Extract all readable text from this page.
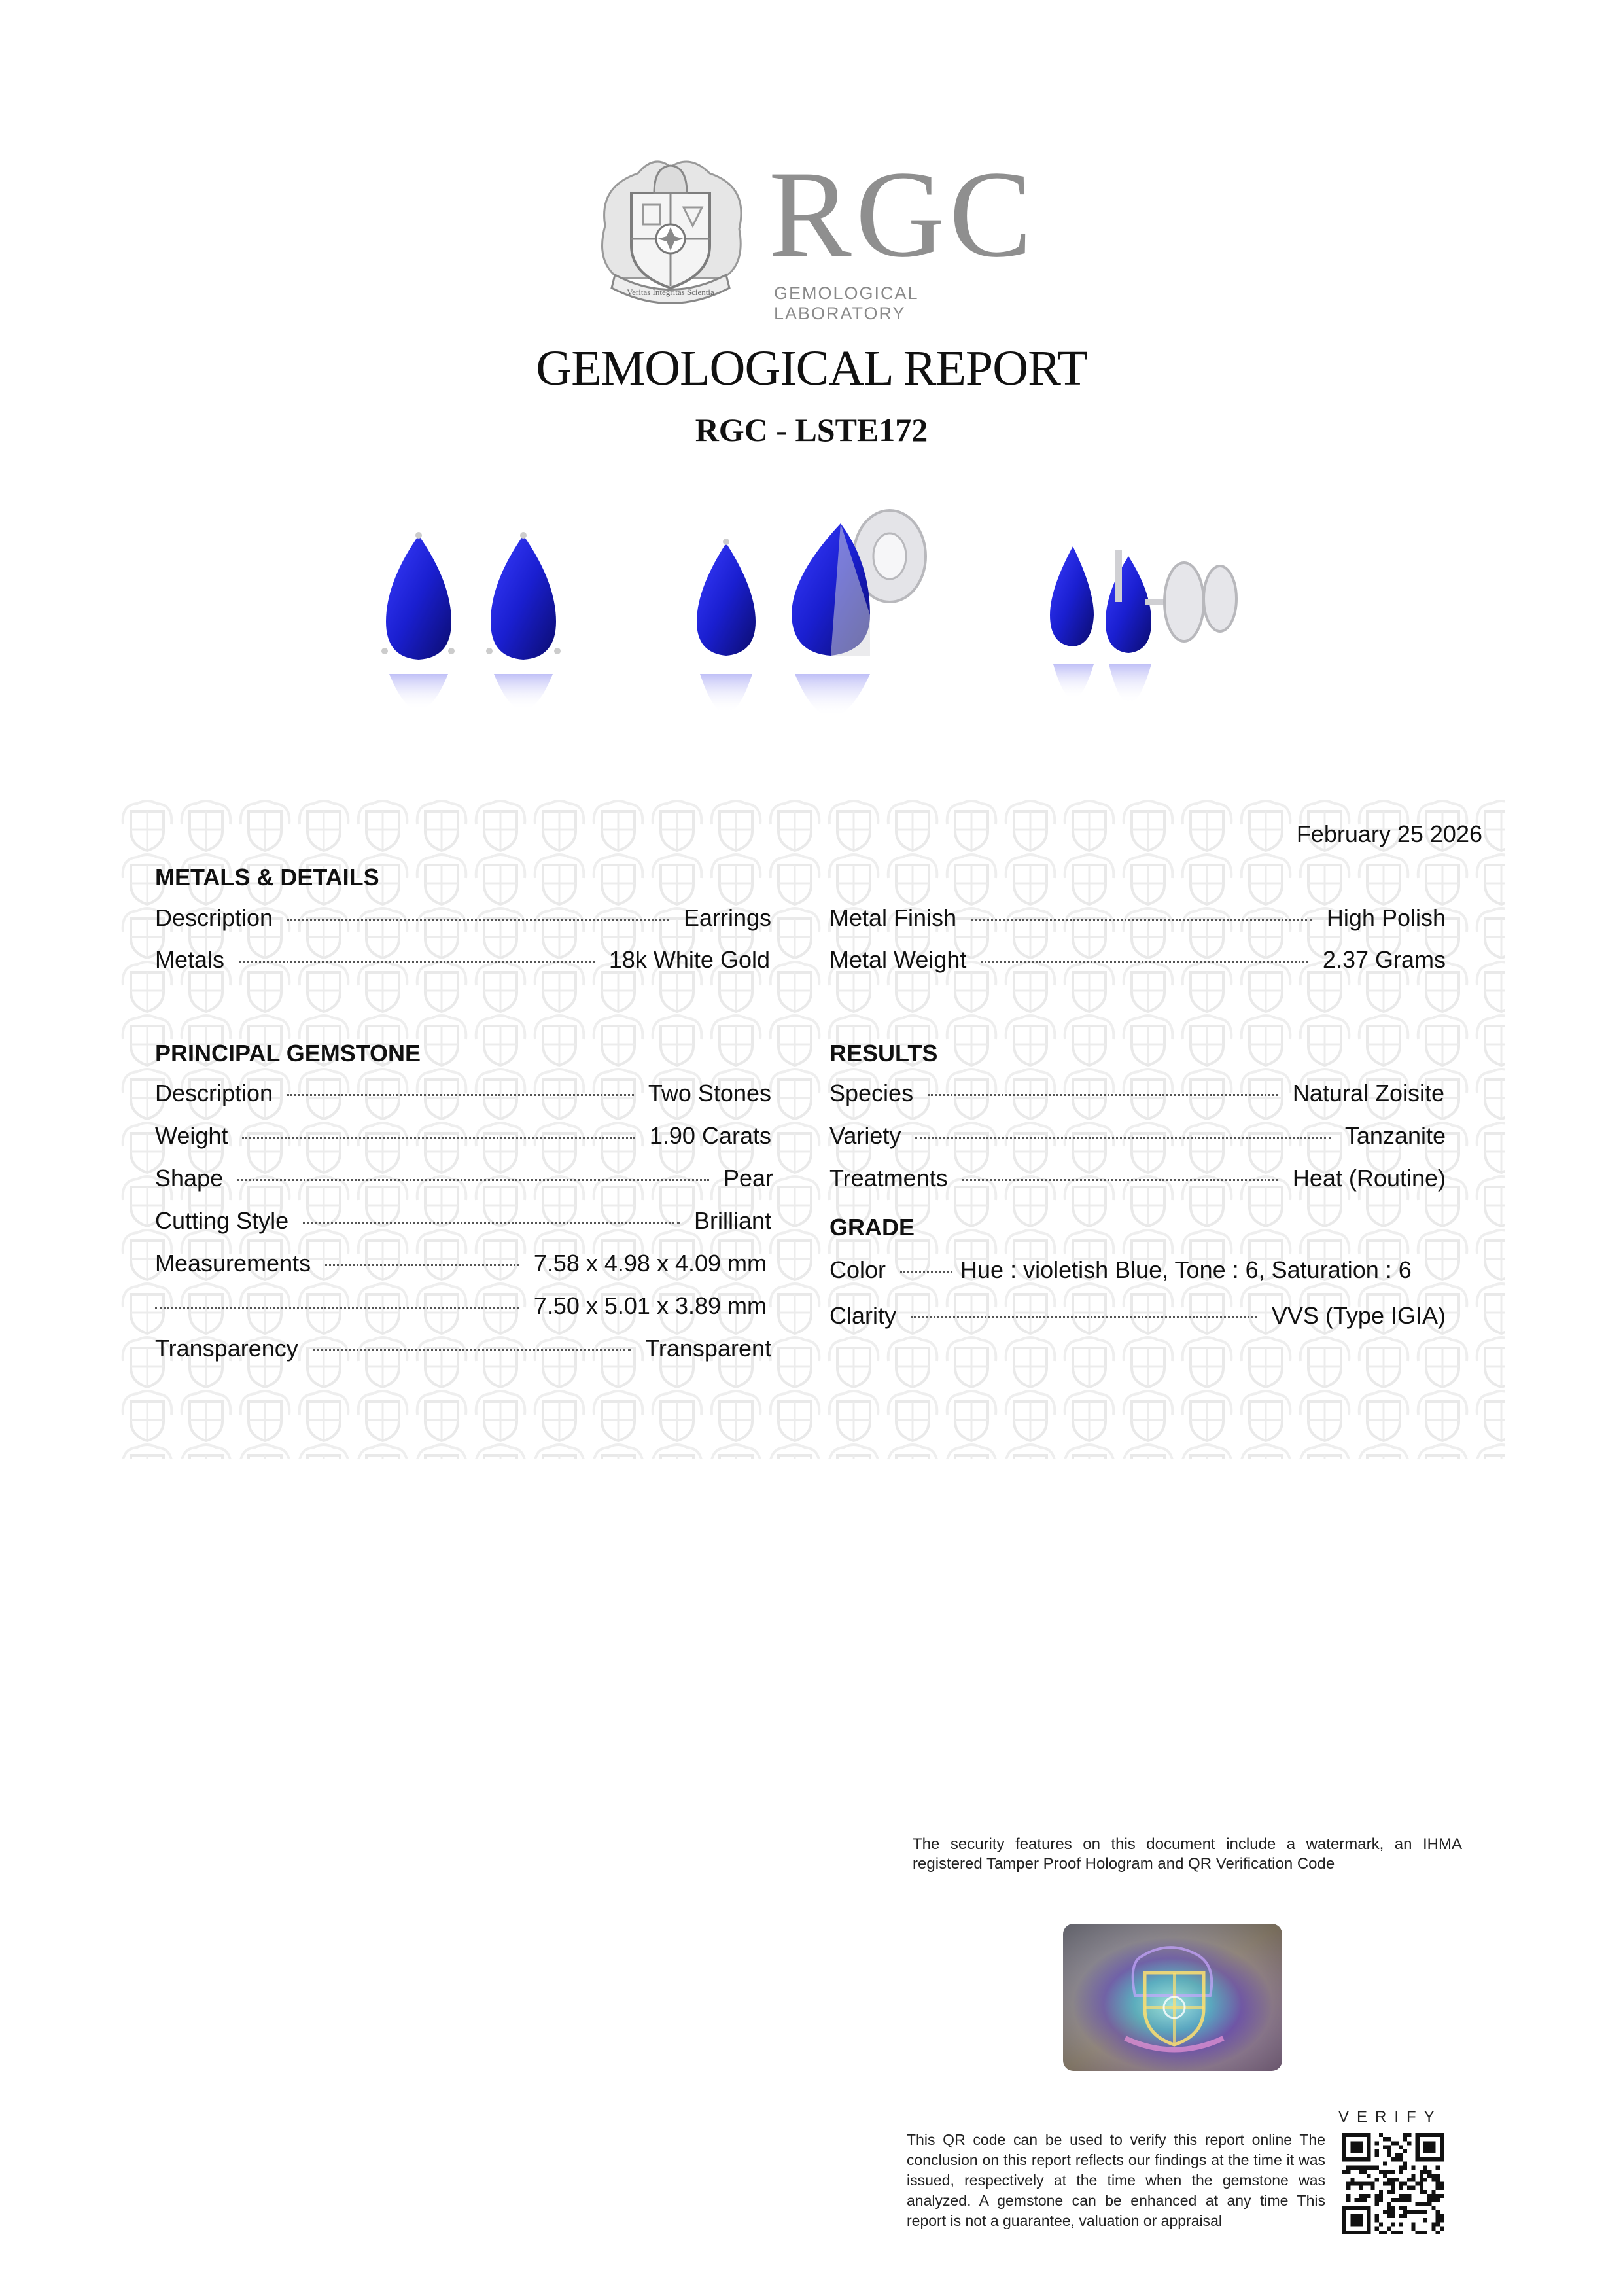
Veritas Integritas Scientia
RGC
GEMOLOGICAL LABORATORY
GEMOLOGICAL REPORT
RGC - LSTE172
February 25 2026
METALS & DETAILS
Description	Earrings
Metals	18k White Gold
Metal Finish	High Polish
Metal Weight	2.37 Grams
PRINCIPAL GEMSTONE
Description	Two Stones
Weight	1.90 Carats
Shape	Pear
Cutting Style	Brilliant
Measurements	7.58 x 4.98 x 4.09 mm
7.50 x 5.01 x 3.89 mm
Transparency	Transparent
RESULTS
Species	Natural Zoisite
Variety	Tanzanite
Treatments	Heat (Routine)
GRADE
Color	Hue : violetish Blue, Tone : 6, Saturation : 6
Clarity	VVS (Type IGIA)
The security features on this document include a watermark, an IHMA registered Tamper Proof Hologram and QR Verification Code
VERIFY
This QR code can be used to verify this report online The conclusion on this report reflects our findings at the time it was issued, respectively at the time when the gemstone was analyzed. A gemstone can be enhanced at any time This report is not a guarantee, valuation or appraisal
